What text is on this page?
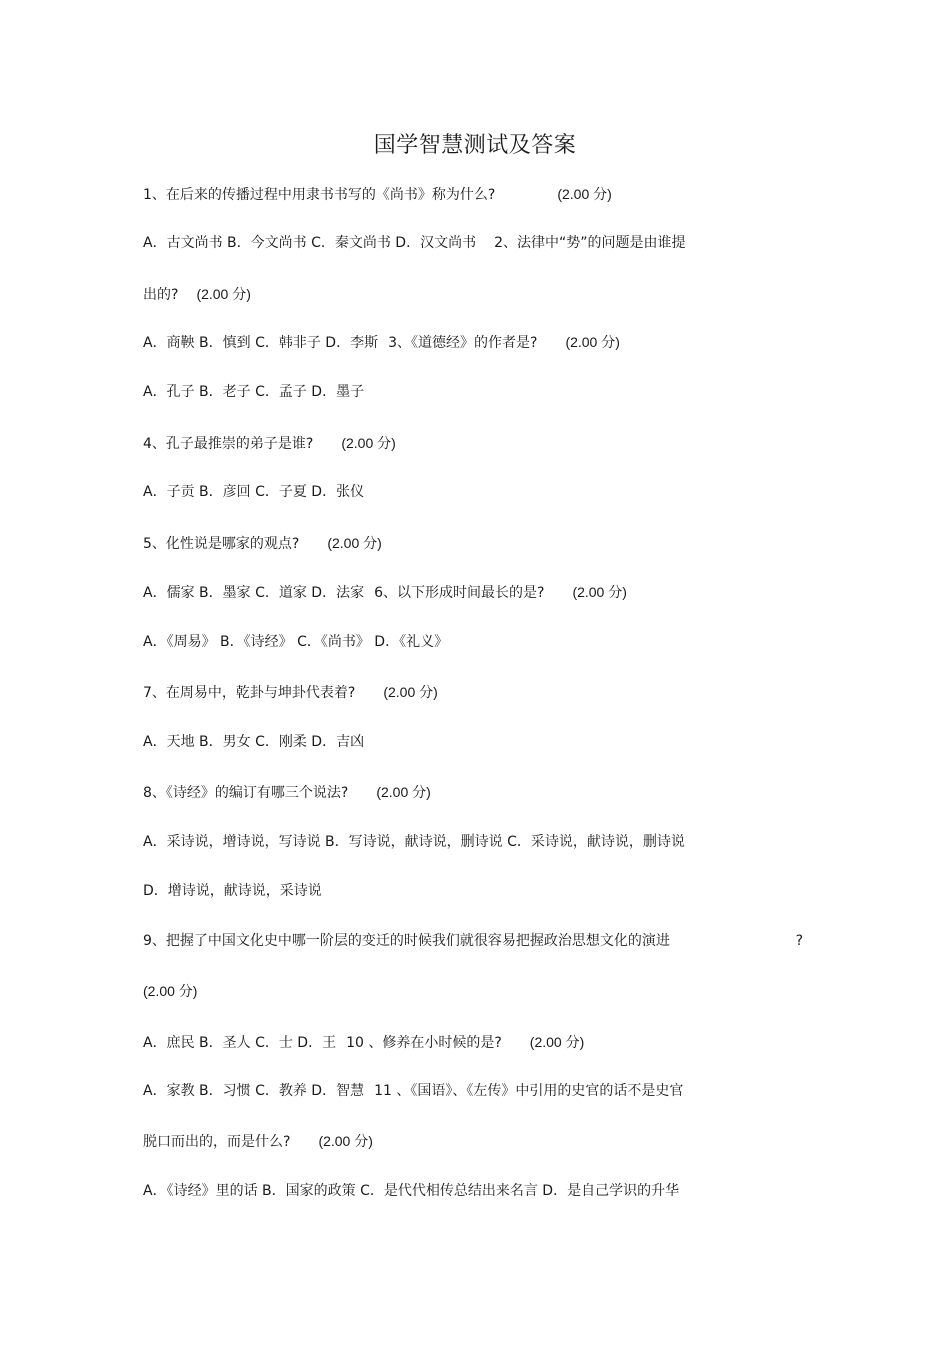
国学智慧测试及答案
1、在后来的传播过程中用隶书书写的《尚书》称为什么?	(2.00 分)
A．古文尚书 B．今文尚书 C．秦文尚书 D．汉文尚书 2、法律中“势”的问题是由谁提
出的? (2.00 分)
A．商鞅 B．慎到 C．韩非子 D．李斯 3、《道德经》的作者是? (2.00 分)
A．孔子 B．老子 C．孟子 D．墨子
4、孔子最推崇的弟子是谁? (2.00 分)
A．子贡 B．彦回 C．子夏 D．张仪
5、化性说是哪家的观点? (2.00 分)
A．儒家 B．墨家 C．道家 D．法家 6、以下形成时间最长的是? (2.00 分)
A．《周易》 B．《诗经》 C．《尚书》 D．《礼义》
7、在周易中，乾卦与坤卦代表着? (2.00 分)
A．天地 B．男女 C．刚柔 D．吉凶
8、《诗经》的编订有哪三个说法? (2.00 分)
A．采诗说，增诗说，写诗说 B．写诗说，献诗说，删诗说 C．采诗说，献诗说，删诗说
D．增诗说，献诗说，采诗说
9、把握了中国文化史中哪一阶层的变迁的时候我们就很容易把握政治思想文化的演进	?
(2.00 分)
A．庶民 B．圣人 C．士 D．王 10 、修养在小时候的是? (2.00 分)
A．家教 B．习惯 C．教养 D．智慧 11 、《国语》、《左传》中引用的史官的话不是史官
脱口而出的，而是什么? (2.00 分)
A．《诗经》里的话 B．国家的政策 C．是代代相传总结出来名言 D．是自己学识的升华
